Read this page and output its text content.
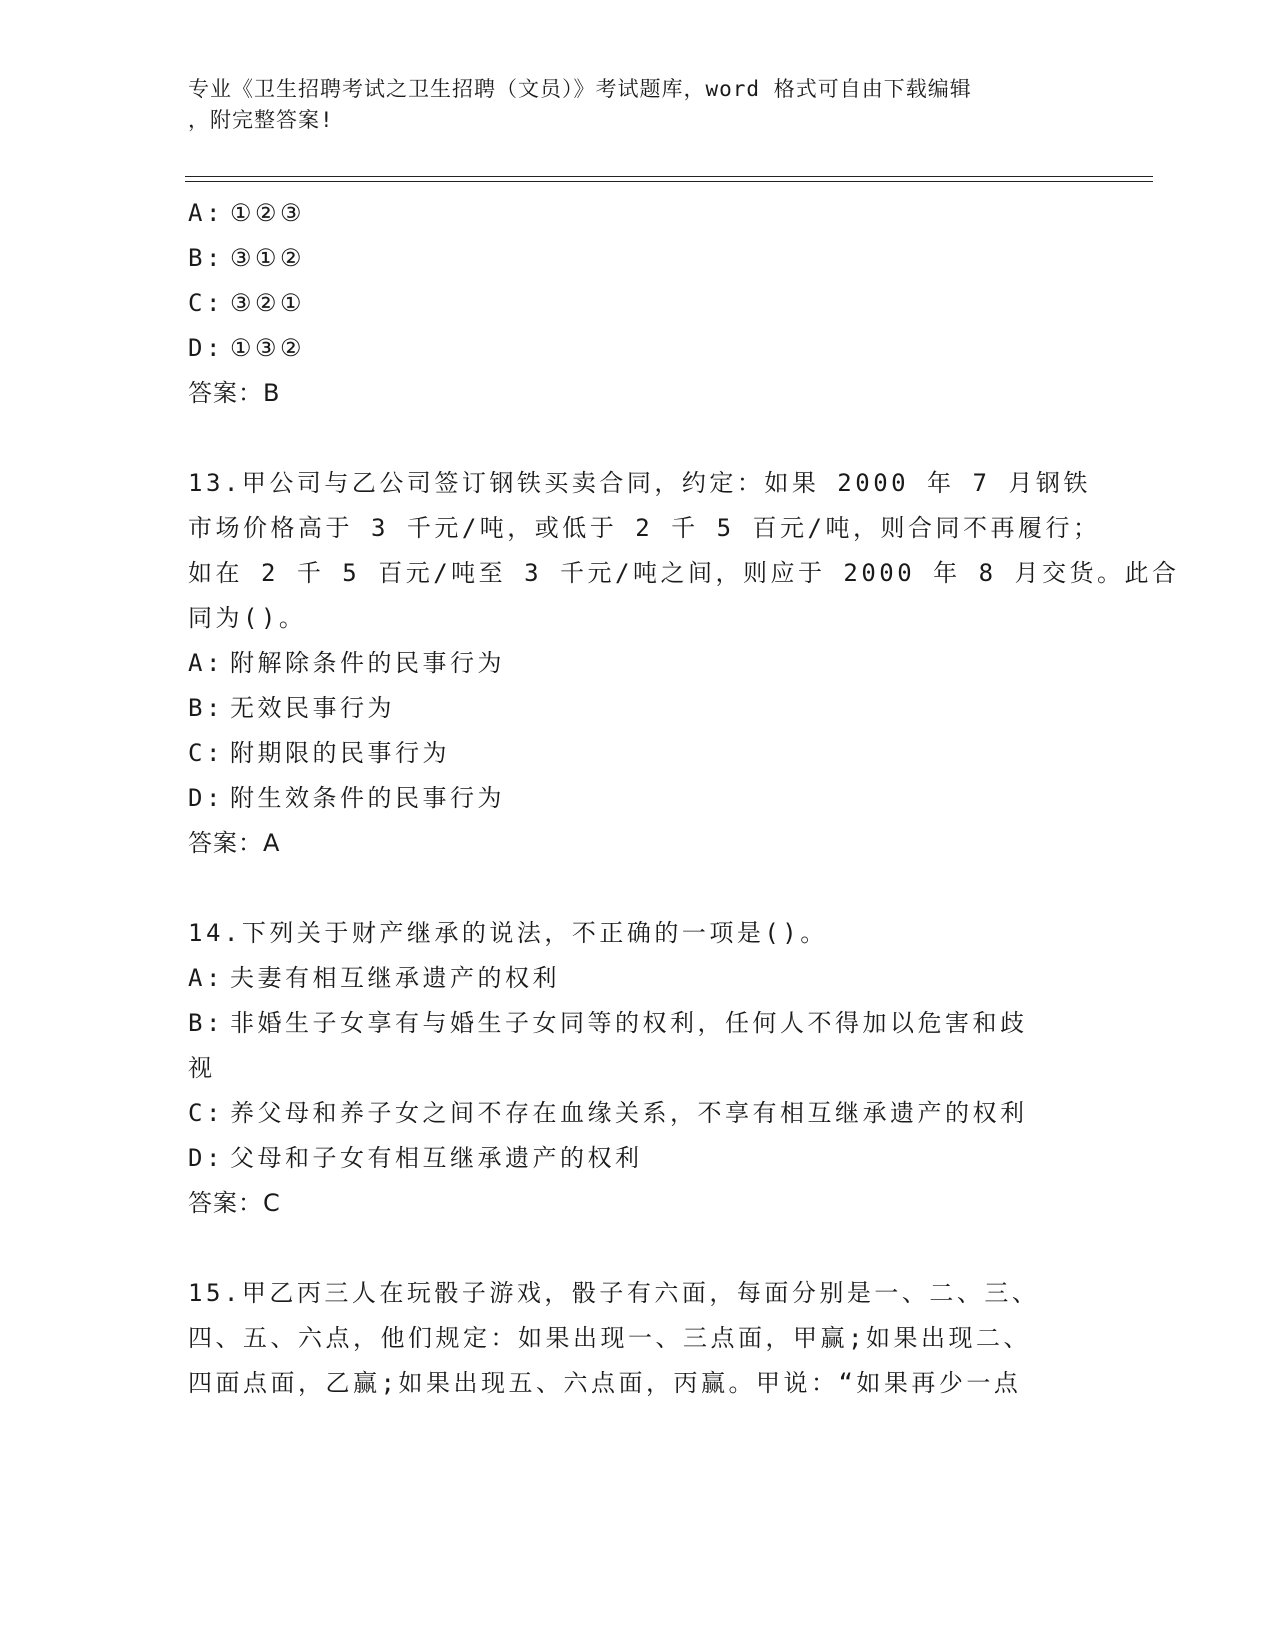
专业《卫生招聘考试之卫生招聘（文员）》考试题库，word 格式可自由下载编辑
，附完整答案!
A: ①②③
B: ③①②
C: ③②①
D: ①③②
答案：B
13.甲公司与乙公司签订钢铁买卖合同，约定：如果 2000 年 7 月钢铁
市场价格高于 3 千元/吨，或低于 2 千 5 百元/吨，则合同不再履行；
如在 2 千 5 百元/吨至 3 千元/吨之间，则应于 2000 年 8 月交货。此合
同为()。
A: 附解除条件的民事行为
B: 无效民事行为
C: 附期限的民事行为
D: 附生效条件的民事行为
答案：A
14.下列关于财产继承的说法，不正确的一项是()。
A: 夫妻有相互继承遗产的权利
B: 非婚生子女享有与婚生子女同等的权利，任何人不得加以危害和歧
视
C: 养父母和养子女之间不存在血缘关系，不享有相互继承遗产的权利
D: 父母和子女有相互继承遗产的权利
答案：C
15.甲乙丙三人在玩骰子游戏，骰子有六面，每面分别是一、二、三、
四、五、六点，他们规定：如果出现一、三点面，甲赢;如果出现二、
四面点面，乙赢;如果出现五、六点面，丙赢。甲说：“如果再少一点
